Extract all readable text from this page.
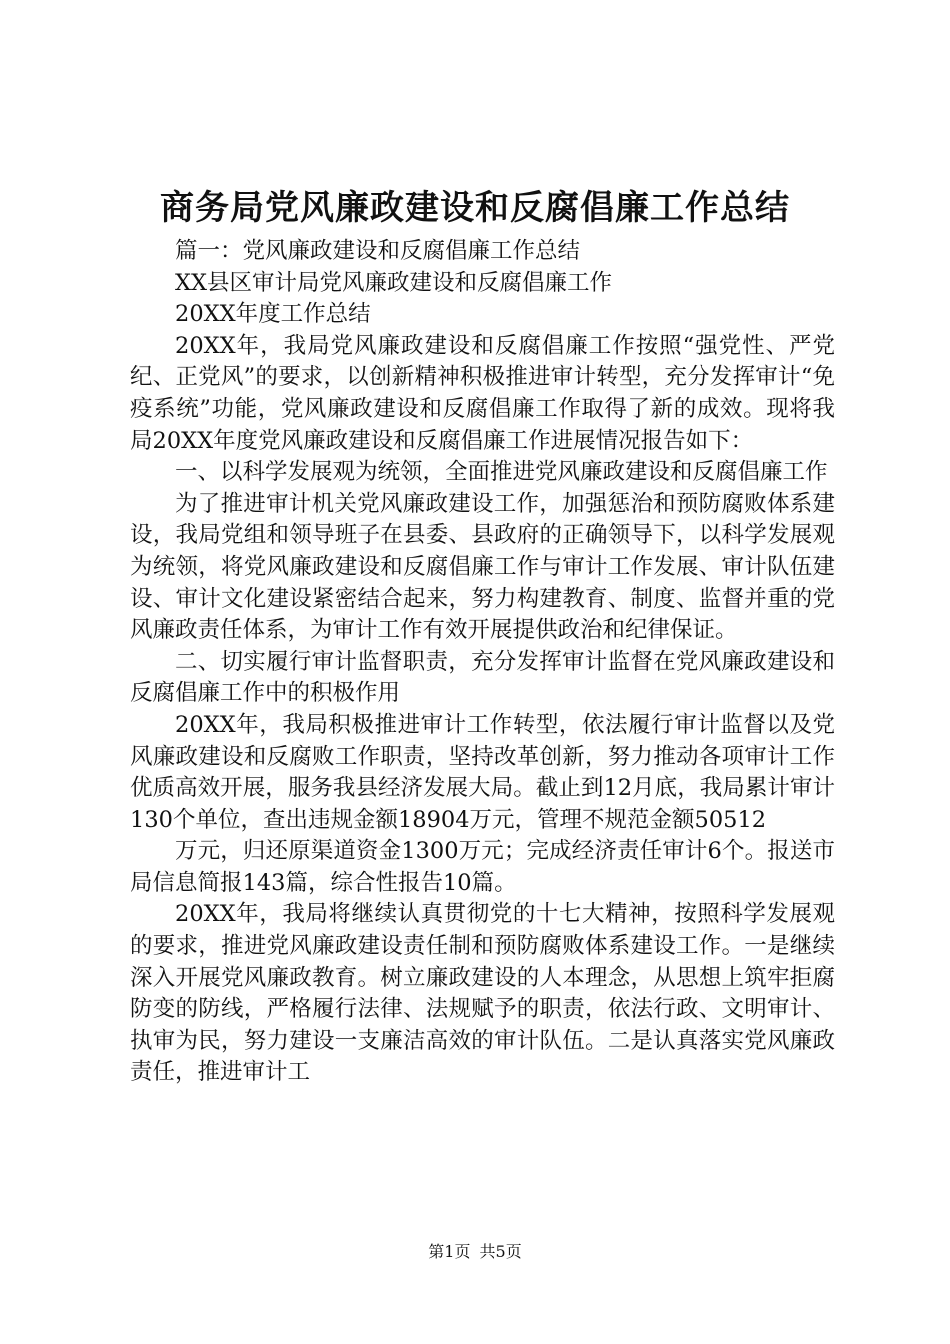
商务局党风廉政建设和反腐倡廉工作总结

篇一：党风廉政建设和反腐倡廉工作总结

XX县区审计局党风廉政建设和反腐倡廉工作

20XX年度工作总结

20XX年，我局党风廉政建设和反腐倡廉工作按照“强党性、严党纪、正党风”的要求，以创新精神积极推进审计转型，充分发挥审计“免疫系统”功能，党风廉政建设和反腐倡廉工作取得了新的成效。现将我局20XX年度党风廉政建设和反腐倡廉工作进展情况报告如下：

一、以科学发展观为统领，全面推进党风廉政建设和反腐倡廉工作

为了推进审计机关党风廉政建设工作，加强惩治和预防腐败体系建设，我局党组和领导班子在县委、县政府的正确领导下，以科学发展观为统领，将党风廉政建设和反腐倡廉工作与审计工作发展、审计队伍建设、审计文化建设紧密结合起来，努力构建教育、制度、监督并重的党风廉政责任体系，为审计工作有效开展提供政治和纪律保证。

二、切实履行审计监督职责，充分发挥审计监督在党风廉政建设和反腐倡廉工作中的积极作用

20XX年，我局积极推进审计工作转型，依法履行审计监督以及党风廉政建设和反腐败工作职责，坚持改革创新，努力推动各项审计工作优质高效开展，服务我县经济发展大局。截止到12月底，我局累计审计130个单位，查出违规金额18904万元，管理不规范金额50512

万元，归还原渠道资金1300万元；完成经济责任审计6个。报送市局信息简报143篇，综合性报告10篇。

20XX年，我局将继续认真贯彻党的十七大精神，按照科学发展观的要求，推进党风廉政建设责任制和预防腐败体系建设工作。一是继续深入开展党风廉政教育。树立廉政建设的人本理念，从思想上筑牢拒腐防变的防线，严格履行法律、法规赋予的职责，依法行政、文明审计、执审为民，努力建设一支廉洁高效的审计队伍。二是认真落实党风廉政责任，推进审计工

第1页 共5页
